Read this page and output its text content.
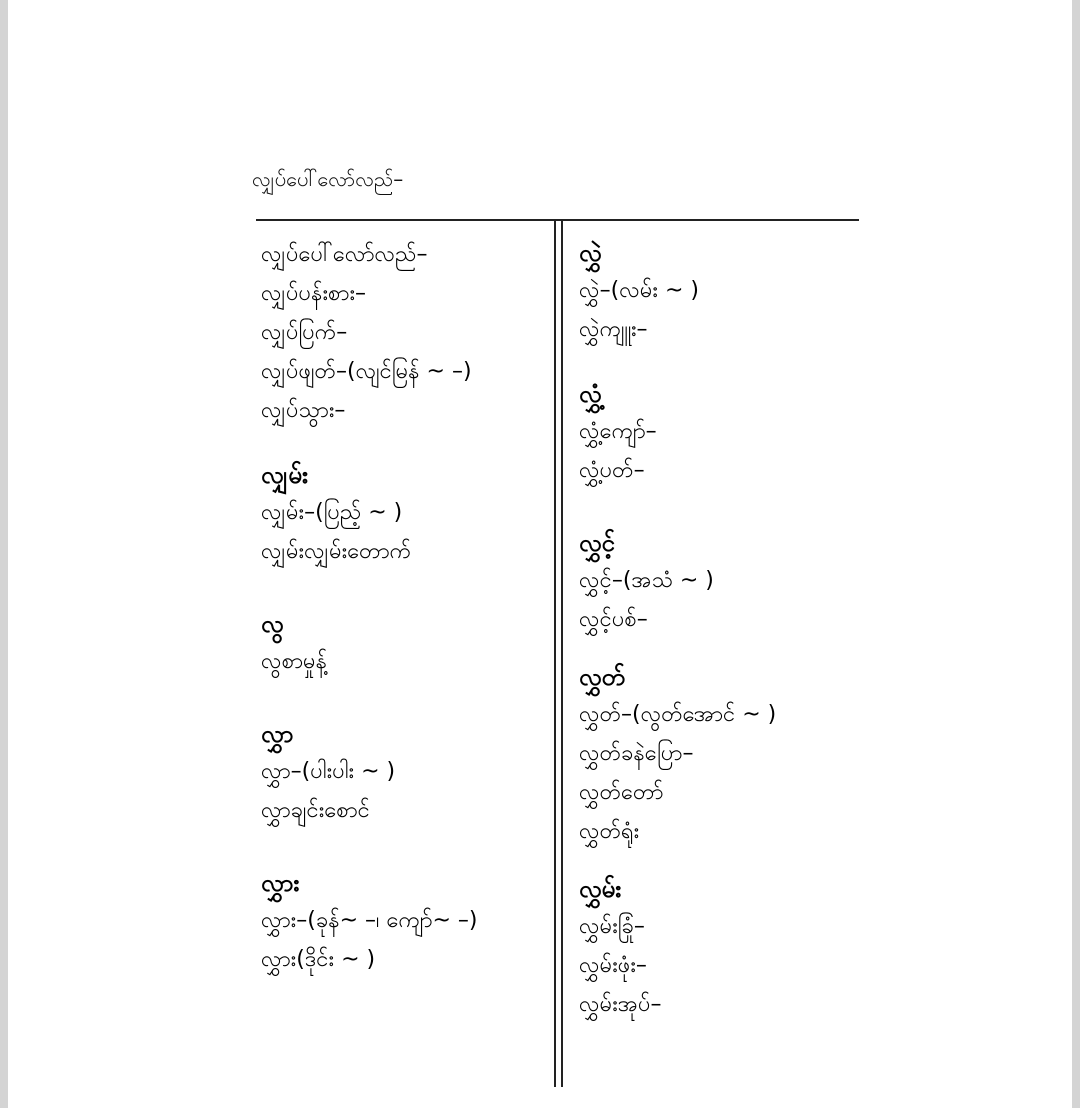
လျှပ်ပေါ်လော်လည်–
လျှပ်ပေါ်လော်လည်–
လျှပ်ပန်းစား–
လျှပ်ပြက်–
လျှပ်ဖျတ်–(လျင်မြန် ~ –)
လျှပ်သွား–
လျှမ်း
လျှမ်း–(ပြည့် ~ )
လျှမ်းလျှမ်းတောက်
လွ
လွစာမှုန့်
လွှာ
လွှာ–(ပါးပါး ~ )
လွှာချင်းစောင်
လွှား
လွှား–(ခုန်~ –၊ ကျော်~ –)
လွှား(ဒိုင်း ~ )
လွှဲ
လွှဲ–(လမ်း ~ )
လွှဲကျူး–
လွှံ့
လွှံ့ကျော်–
လွှံ့ပတ်–
လွှင့်
လွှင့်–(အသံ ~ )
လွှင့်ပစ်–
လွှတ်
လွှတ်–(လွတ်အောင် ~ )
လွှတ်ခနဲပြော–
လွှတ်တော်
လွှတ်ရုံး
လွှမ်း
လွှမ်းခြုံ–
လွှမ်းဖုံး–
လွှမ်းအုပ်–
